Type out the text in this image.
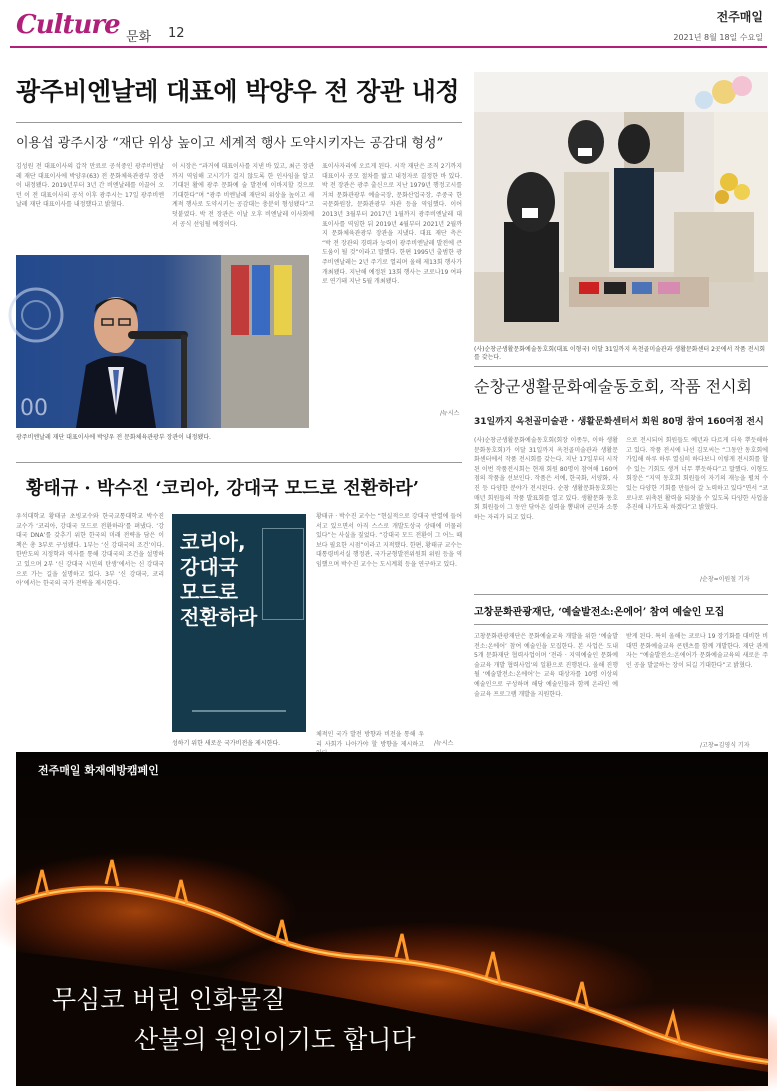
Culture 문화 12
전주매일
2021년 8월 18일 수요일
광주비엔날레 대표에 박양우 전 장관 내정
이용섭 광주시장 “재단 위상 높이고 세계적 행사 도약시키자는 공감대 형성”
김성원 전 대표이사의 갑작 만료로 공석중인 광주비엔날레 재단 대표이사에 박양우(63) 전 문화체육관광부 장관이 내정됐다. 2019년부터 3년 간 비엔날레를 이끌어 오던 이 전 대표이사의 공석 이후 광주시는 17일 광주비엔날레 재단 대표이사를 내정했다고 밝혔다.
이 시장은 “과거에 대표이사를 지낸 바 있고, 최근 장관까지 역임해 고시기가 걸지 않도록 한 인사임을 알고 기대된 활에 광주 문화예 술 발전에 이바지할 것으로 기대한다”며 “광주 비엔날레 재단의 위상을 높이고 세계적 행사로 도약시키는 공감대는 충분히 형성됐다”고 덧붙였다. 박 전 장관은 이날 오후 비엔날레 이사회에서 공식 선임될 예정이다.
표이사자리에 오르게 된다. 시작 재단은 조직 2기까지 대표이사 공모 절차를 밟고 내정자로 결정한 바 있다. 박 전 장관은 광주 출신으로 지난 1979년 행정고시를 거쳐 문화관광부 예술국장, 문화산업국장, 주중국 한국문화원장, 문화관광부 차관 등을 역임했다. 이어 2013년 3월부터 2017년 1월까지 광주비엔날레 대표이사를 역임한 뒤 2019년 4월부터 2021년 2월까지 문화체육관광부 장관을 지냈다. 대표 재단 측은 “박 전 장관의 경력과 능력이 광주비엔날레 발전에 큰 도움이 될 것”이라고 말했다. 한편 1995년 출범한 광주비엔날레는 2년 주기로 열리며 올해 제13회 행사가 개최됐다. 지난해 예정된 13회 행사는 코로나19 여파로 연기돼 지난 5월 개최됐다.
/뉴시스
00
광주비엔날레 재단 대표이사에 박양우 전 문화체육관광부 장관이 내정됐다.
(사)순창군생활문화예술동호회(대표 이형국) 이달 31일까지 옥천골미술관과 생활문화센터 2곳에서 작품 전시회를 갖는다.
순창군생활문화예술동호회, 작품 전시회
31일까지 옥천골미술관 · 생활문화센터서 회원 80명 참여 160여점 전시
(사)순창군생활문화예술동호회(회장 이종두, 이하 생활문화동호회)가 이달 31일까지 옥천골미술관과 생활문화센터에서 작품 전시회를 갖는다. 지난 17일부터 시작된 이번 작품전시회는 현재 회원 80명이 참여해 160여점의 작품을 선보인다. 작품은 서예, 한국화, 서양화, 사진 등 다양한 분야가 전시된다. 순창 생활문화동호회는 매년 회원들의 작품 발표회를 열고 있다. 생활문화 동호회 회원들이 그 동안 닦아온 실력을 뽐내며 군민과 소통하는 자리가 되고 있다.
으로 전시되어 회원들도 예년과 다르게 더욱 뿌듯해하고 있다. 작품 전시에 나선 김모씨는 “그동안 동호회에 가입해 하루 하루 열심히 하다보니 이렇게 전시회를 할 수 있는 기회도 생겨 너무 뿌듯하다”고 말했다. 이형도 회장은 “지역 동호회 회원들이 자기의 재능을 펼쳐 수 있는 다양한 기회를 만들어 갈 노력하고 있다”면서 “코로나로 위축된 활력을 되찾을 수 있도록 다양한 사업을 추진해 나가도록 하겠다”고 밝혔다.
/순창=이원철 기자
황태규 · 박수진 ‘코리아, 강대국 모드로 전환하라’
우석대학교 황태규 초빙교수와 한국교통대학교 박수진 교수가 ‘코리아, 강대국 모드로 전환하라’를 펴냈다. ‘강대국 DNA’를 갖추기 위한 한국의 미래 전략을 담은 이 책은 총 3부로 구성됐다. 1부는 ‘신 강대국의 조건’이다. 한반도의 지정학과 역사를 통해 강대국의 조건을 설명하고 있으며 2부 ‘신 강대국 시민의 탄생’에서는 신 강대국으로 가는 길을 설명하고 있다. 3부 ‘신 강대국, 코리아’에서는 한국의 국가 전략을 제시한다.
코리아, 강대국 모드로 전환하라
성하기 위한 새로운 국가비전을 제시한다.
황태규 · 박수진 교수는 “현실적으로 강대국 반열에 들어서고 있으면서 아직 스스로 개발도상국 상태에 머물러 있다”는 사실을 짚었다. “강대국 모드 전환이 그 어느 때보다 필요한 시점”이라고 지적했다. 한편, 황태규 교수는 대통령비서실 행정관, 국가균형발전위원회 위원 등을 역임했으며 박수진 교수는 도시계획 등을 연구하고 있다.
체적인 국가 발전 방향과 비전을 통해 우리 사회가 나아가야 할 방향을 제시하고 /뉴시스
고창문화관광재단, ‘예술발전소:온에어’ 참여 예술인 모집
고창문화관광재단은 문화예술교육 개발을 위한 ‘예술발전소:온에어’ 참여 예술인을 모집한다. 본 사업은 도내 5개 문화재단 협력사업이며 ‘전라 · 지역예술인 문화예술교육 개발 협력사업’의 일환으로 진행된다. 올해 진행될 ‘예술발전소:온에어’는 교육 대상자를 10명 이상의 예술인으로 구성하며 해당 예술인들과 함께 온라인 예술교육 프로그램 개발을 지원한다.
받게 된다. 특히 올해는 코로나 19 장기화를 대비한 비대면 문화예술교육 콘텐츠를 함께 개발한다. 재단 관계자는 “예술발전소:온에어가 문화예술교육의 새로운 주인 공을 발굴하는 장이 되길 기대한다”고 밝혔다.
/고창=김영식 기자
전주매일 화재예방캠페인
무심코 버린 인화물질
산불의 원인이기도 합니다
